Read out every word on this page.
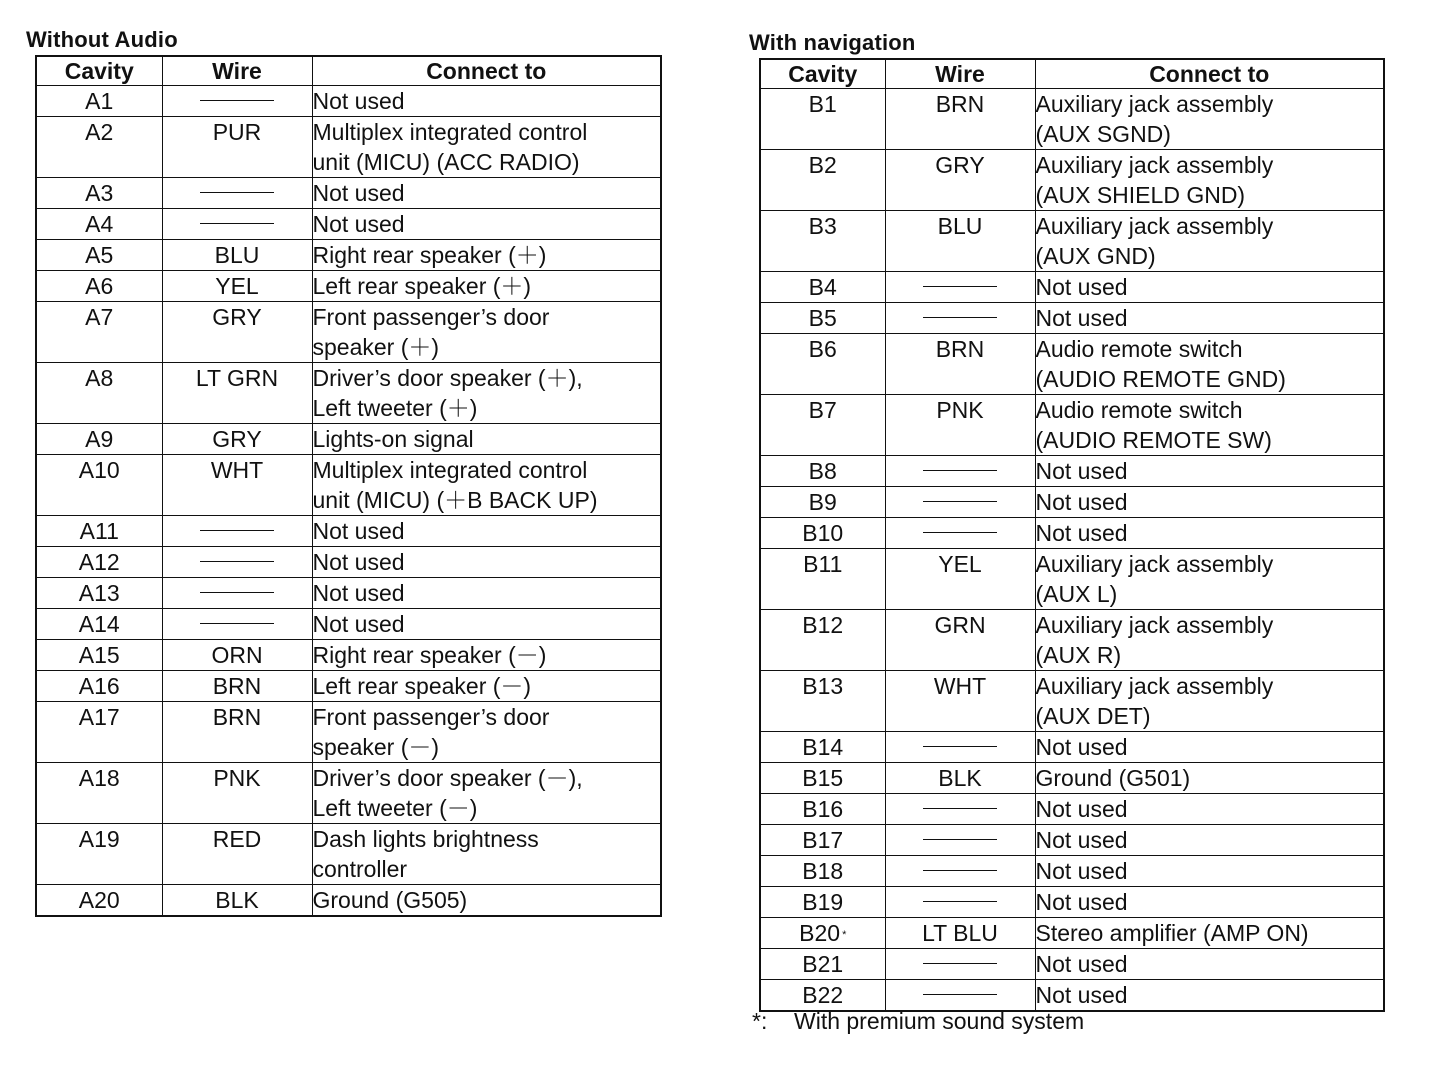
Without Audio
Cavity	Wire	Connect to
A1		Not used

A2	PUR	Multiplex integrated control
unit (MICU) (ACC RADIO)

A3		Not used

A4		Not used

A5	BLU	Right rear speaker (＋)

A6	YEL	Left rear speaker (＋)

A7	GRY	Front passenger’s door
speaker (＋)

A8	LT GRN	Driver’s door speaker (＋),
Left tweeter (＋)

A9	GRY	Lights-on signal

A10	WHT	Multiplex integrated control
unit (MICU) (＋B BACK UP)

A11		Not used

A12		Not used

A13		Not used

A14		Not used

A15	ORN	Right rear speaker (－)

A16	BRN	Left rear speaker (－)

A17	BRN	Front passenger’s door
speaker (－)

A18	PNK	Driver’s door speaker (－),
Left tweeter (－)

A19	RED	Dash lights brightness
controller

A20	BLK	Ground (G505)
With navigation
Cavity	Wire	Connect to
B1	BRN	Auxiliary jack assembly
(AUX SGND)

B2	GRY	Auxiliary jack assembly
(AUX SHIELD GND)

B3	BLU	Auxiliary jack assembly
(AUX GND)

B4		Not used

B5		Not used

B6	BRN	Audio remote switch
(AUDIO REMOTE GND)

B7	PNK	Audio remote switch
(AUDIO REMOTE SW)

B8		Not used

B9		Not used

B10		Not used

B11	YEL	Auxiliary jack assembly
(AUX L)

B12	GRN	Auxiliary jack assembly
(AUX R)

B13	WHT	Auxiliary jack assembly
(AUX DET)

B14		Not used

B15	BLK	Ground (G501)

B16		Not used

B17		Not used

B18		Not used

B19		Not used

B20 *	LT BLU	Stereo amplifier (AMP ON)

B21		Not used

B22		Not used
*: With premium sound system
